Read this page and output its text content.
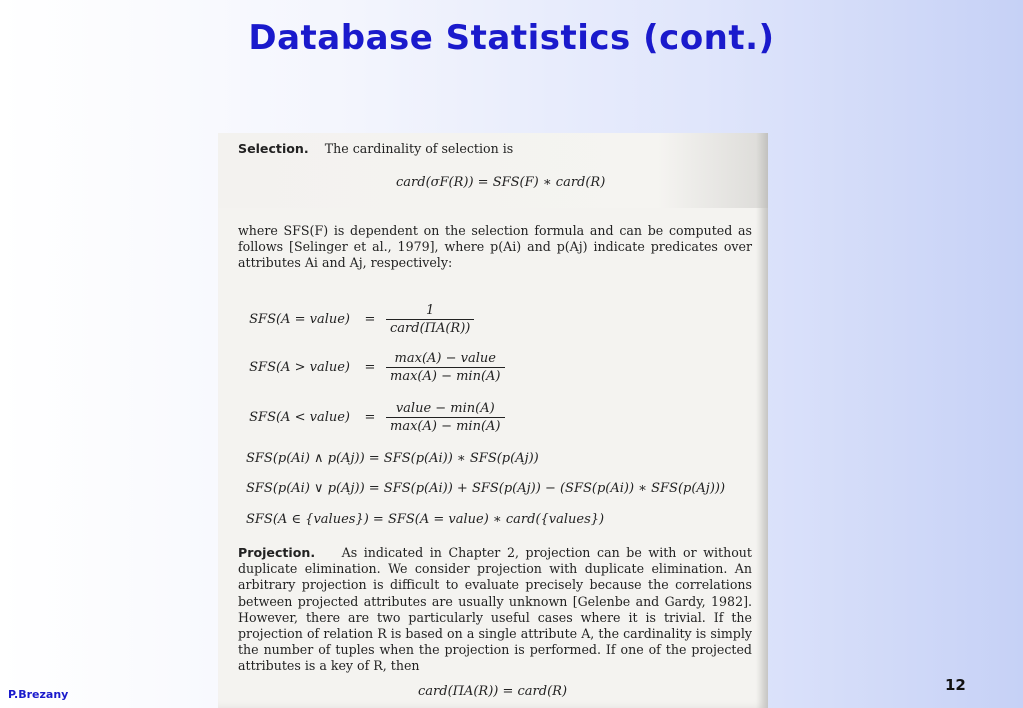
Database Statistics (cont.)
Selection. The cardinality of selection is
card(σF(R)) = SFS(F) ∗ card(R)
where SFS(F) is dependent on the selection formula and can be computed as follows [Selinger et al., 1979], where p(Ai) and p(Aj) indicate predicates over attributes Ai and Aj, respectively:
SFS(A = value)	= $\frac{1}{\text{card(ΠA(R))}}$
SFS(A > value)	= $\frac{\text{max(A) − value}}{\max(A) - \min(A)}$
SFS(A < value)	= $\frac{\text{value − min(A)}}{\max(A) - \min(A)}$
SFS(p(Ai) ∧ p(Aj)) = SFS(p(Ai)) ∗ SFS(p(Aj))
SFS(p(Ai) ∨ p(Aj)) = SFS(p(Ai)) + SFS(p(Aj)) − (SFS(p(Ai)) ∗ SFS(p(Aj)))
SFS(A ∈ {values}) = SFS(A = value) ∗ card({values})
Projection. As indicated in Chapter 2, projection can be with or without duplicate elimination. We consider projection with duplicate elimination. An arbitrary projection is difficult to evaluate precisely because the correlations between projected attributes are usually unknown [Gelenbe and Gardy, 1982]. However, there are two particularly useful cases where it is trivial. If the projection of relation R is based on a single attribute A, the cardinality is simply the number of tuples when the projection is performed. If one of the projected attributes is a key of R, then
card(ΠA(R)) = card(R)
P.Brezany
12
